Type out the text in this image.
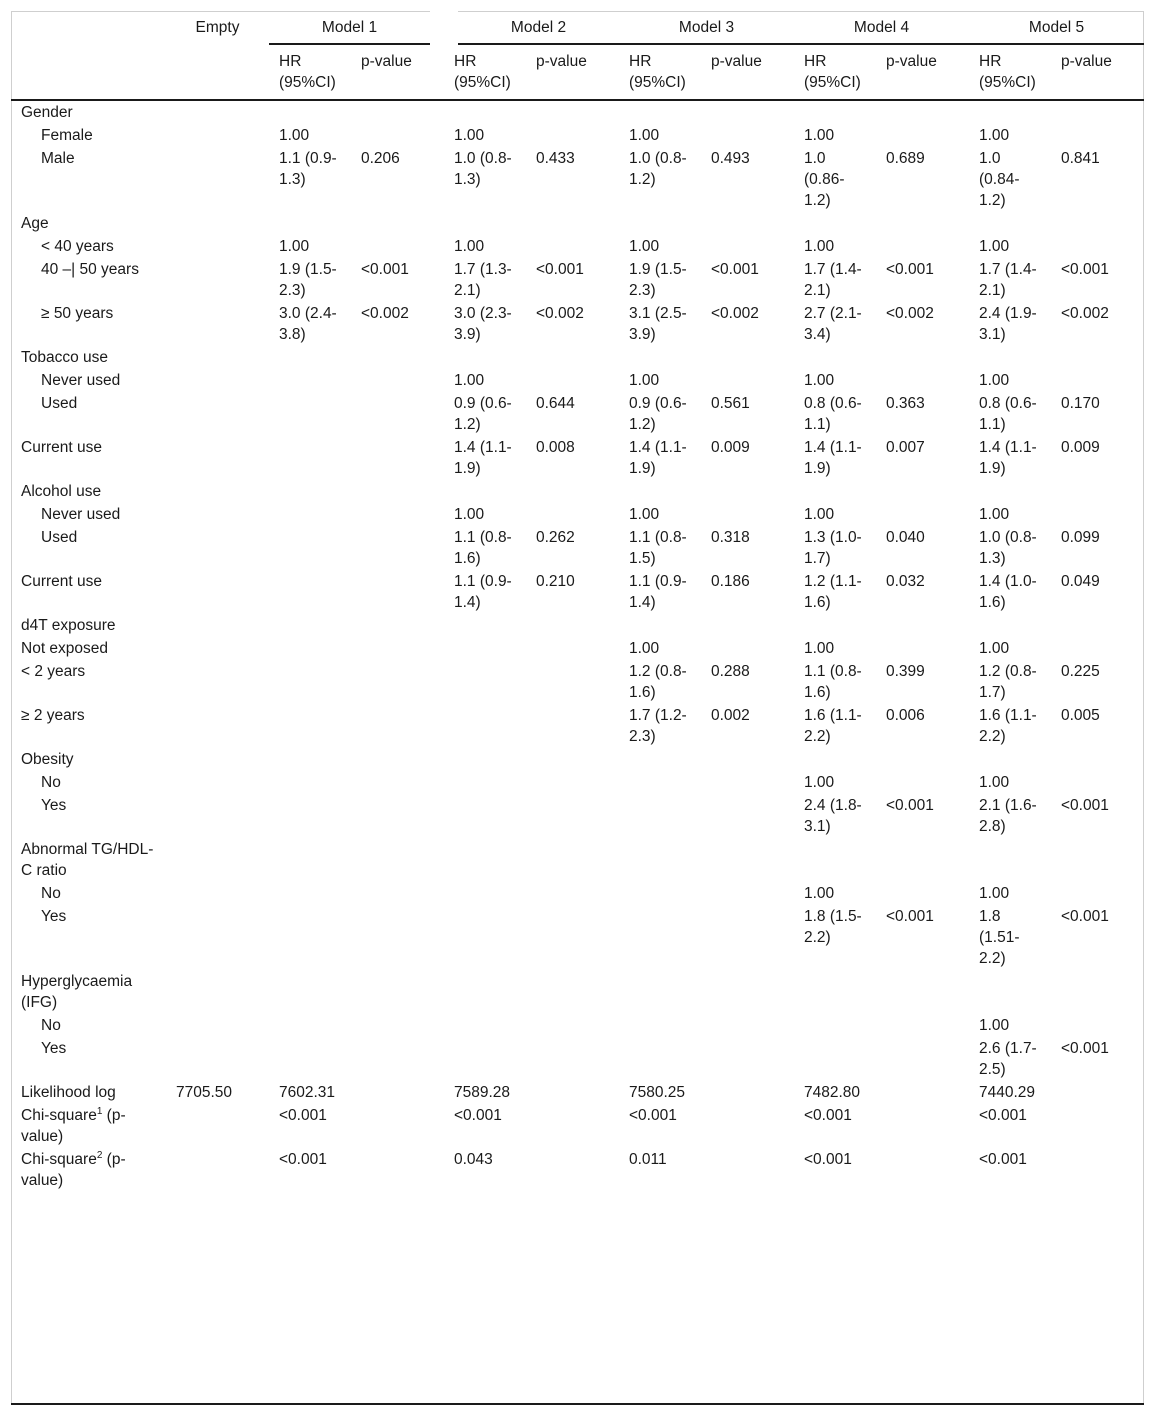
	Empty	Model 1		Model 2		Model 3		Model 4		Model 5	
		HR (95%CI)	p-value	HR (95%CI)	p-value	HR (95%CI)	p-value	HR (95%CI)	p-value	HR (95%CI)	p-value
Gender											
Female		1.00		1.00		1.00		1.00		1.00	
Male		1.1 (0.9-1.3)	0.206	1.0 (0.8-1.3)	0.433	1.0 (0.8-1.2)	0.493	1.0 (0.86-1.2)	0.689	1.0 (0.84-1.2)	0.841
Age											
< 40 years		1.00		1.00		1.00		1.00		1.00	
40 –| 50 years		1.9 (1.5-2.3)	<0.001	1.7 (1.3-2.1)	<0.001	1.9 (1.5-2.3)	<0.001	1.7 (1.4-2.1)	<0.001	1.7 (1.4-2.1)	<0.001
≥ 50 years		3.0 (2.4-3.8)	<0.002	3.0 (2.3-3.9)	<0.002	3.1 (2.5-3.9)	<0.002	2.7 (2.1-3.4)	<0.002	2.4 (1.9-3.1)	<0.002
Tobacco use											
Never used				1.00		1.00		1.00		1.00	
Used				0.9 (0.6-1.2)	0.644	0.9 (0.6-1.2)	0.561	0.8 (0.6-1.1)	0.363	0.8 (0.6-1.1)	0.170
Current use				1.4 (1.1-1.9)	0.008	1.4 (1.1-1.9)	0.009	1.4 (1.1-1.9)	0.007	1.4 (1.1-1.9)	0.009
Alcohol use											
Never used				1.00		1.00		1.00		1.00	
Used				1.1 (0.8-1.6)	0.262	1.1 (0.8-1.5)	0.318	1.3 (1.0-1.7)	0.040	1.0 (0.8-1.3)	0.099
Current use				1.1 (0.9-1.4)	0.210	1.1 (0.9-1.4)	0.186	1.2 (1.1-1.6)	0.032	1.4 (1.0-1.6)	0.049
d4T exposure											
Not exposed						1.00		1.00		1.00	
< 2 years						1.2 (0.8-1.6)	0.288	1.1 (0.8-1.6)	0.399	1.2 (0.8-1.7)	0.225
≥ 2 years						1.7 (1.2-2.3)	0.002	1.6 (1.1-2.2)	0.006	1.6 (1.1-2.2)	0.005
Obesity											
No								1.00		1.00	
Yes								2.4 (1.8-3.1)	<0.001	2.1 (1.6-2.8)	<0.001
Abnormal TG/HDL-C ratio											
No								1.00		1.00	
Yes								1.8 (1.5-2.2)	<0.001	1.8 (1.51-2.2)	<0.001
Hyperglycaemia (IFG)											
No										1.00	
Yes										2.6 (1.7-2.5)	<0.001
Likelihood log	7705.50	7602.31		7589.28		7580.25		7482.80		7440.29	
Chi-square$^1$ (p-value)		<0.001		<0.001		<0.001		<0.001		<0.001	
Chi-square$^2$ (p-value)		<0.001		0.043		0.011		<0.001		<0.001	
